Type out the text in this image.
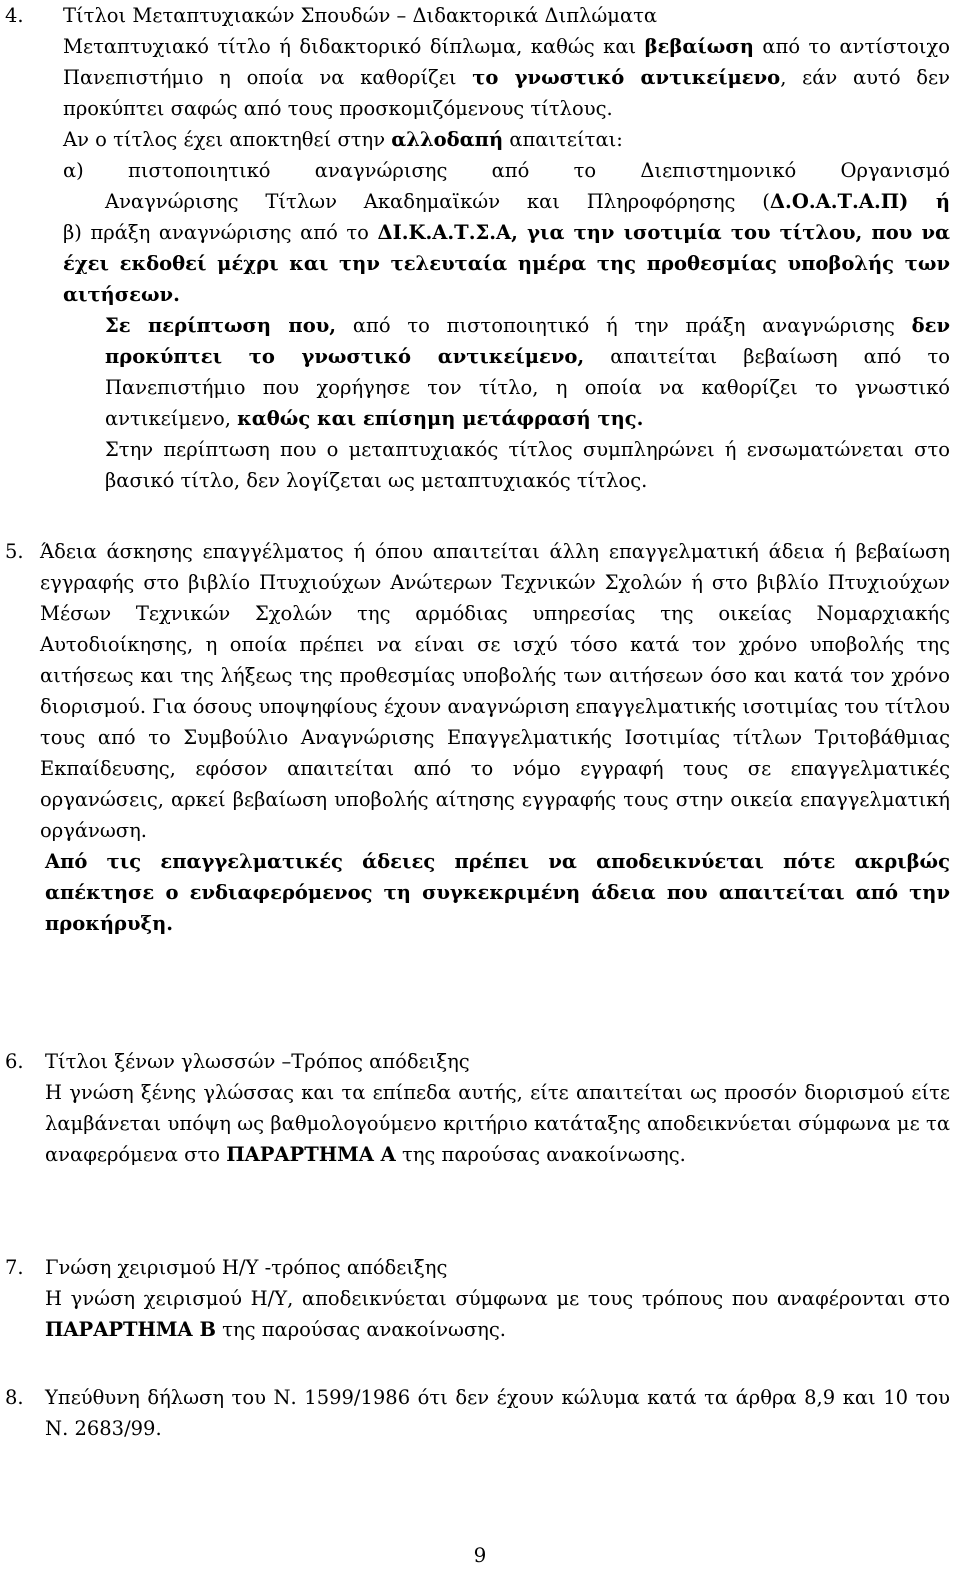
4. Τίτλοι Μεταπτυχιακών Σπουδών – Διδακτορικά Διπλώματα

Μεταπτυχιακό τίτλο ή διδακτορικό δίπλωμα, καθώς και βεβαίωση από το αντίστοιχο Πανεπιστήμιο η οποία να καθορίζει το γνωστικό αντικείμενο, εάν αυτό δεν προκύπτει σαφώς από τους προσκομιζόμενους τίτλους.

Αν ο τίτλος έχει αποκτηθεί στην αλλοδαπή απαιτείται:

α) πιστοποιητικό αναγνώρισης από το Διεπιστημονικό Οργανισμό

Αναγνώρισης Τίτλων Ακαδημαϊκών και Πληροφόρησης (Δ.Ο.Α.Τ.Α.Π) ή

β) πράξη αναγνώρισης από το ΔΙ.Κ.Α.Τ.Σ.Α, για την ισοτιμία του τίτλου, που να έχει εκδοθεί μέχρι και την τελευταία ημέρα της προθεσμίας υποβολής των αιτήσεων.

Σε περίπτωση που, από το πιστοποιητικό ή την πράξη αναγνώρισης δεν προκύπτει το γνωστικό αντικείμενο, απαιτείται βεβαίωση από το Πανεπιστήμιο που χορήγησε τον τίτλο, η οποία να καθορίζει το γνωστικό αντικείμενο, καθώς και επίσημη μετάφρασή της.

Στην περίπτωση που ο μεταπτυχιακός τίτλος συμπληρώνει ή ενσωματώνεται στο βασικό τίτλο, δεν λογίζεται ως μεταπτυχιακός τίτλος.

5. Άδεια άσκησης επαγγέλματος ή όπου απαιτείται άλλη επαγγελματική άδεια ή βεβαίωση εγγραφής στο βιβλίο Πτυχιούχων Ανώτερων Τεχνικών Σχολών ή στο βιβλίο Πτυχιούχων Μέσων Τεχνικών Σχολών της αρμόδιας υπηρεσίας της οικείας Νομαρχιακής Αυτοδιοίκησης, η οποία πρέπει να είναι σε ισχύ τόσο κατά τον χρόνο υποβολής της αιτήσεως και της λήξεως της προθεσμίας υποβολής των αιτήσεων όσο και κατά τον χρόνο διορισμού. Για όσους υποψηφίους έχουν αναγνώριση επαγγελματικής ισοτιμίας του τίτλου τους από το Συμβούλιο Αναγνώρισης Επαγγελματικής Ισοτιμίας τίτλων Τριτοβάθμιας Εκπαίδευσης, εφόσον απαιτείται από το νόμο εγγραφή τους σε επαγγελματικές οργανώσεις, αρκεί βεβαίωση υποβολής αίτησης εγγραφής τους στην οικεία επαγγελματική οργάνωση.

Από τις επαγγελματικές άδειες πρέπει να αποδεικνύεται πότε ακριβώς απέκτησε ο ενδιαφερόμενος τη συγκεκριμένη άδεια που απαιτείται από την προκήρυξη.

6. Τίτλοι ξένων γλωσσών –Τρόπος απόδειξης

Η γνώση ξένης γλώσσας και τα επίπεδα αυτής, είτε απαιτείται ως προσόν διορισμού είτε λαμβάνεται υπόψη ως βαθμολογούμενο κριτήριο κατάταξης αποδεικνύεται σύμφωνα με τα αναφερόμενα στο ΠΑΡΑΡΤΗΜΑ Α της παρούσας ανακοίνωσης.

7. Γνώση χειρισμού Η/Υ -τρόπος απόδειξης

Η γνώση χειρισμού Η/Υ, αποδεικνύεται σύμφωνα με τους τρόπους που αναφέρονται στο ΠΑΡΑΡΤΗΜΑ Β της παρούσας ανακοίνωσης.

8. Υπεύθυνη δήλωση του Ν. 1599/1986 ότι δεν έχουν κώλυμα κατά τα άρθρα 8,9 και 10 του Ν. 2683/99.

9
